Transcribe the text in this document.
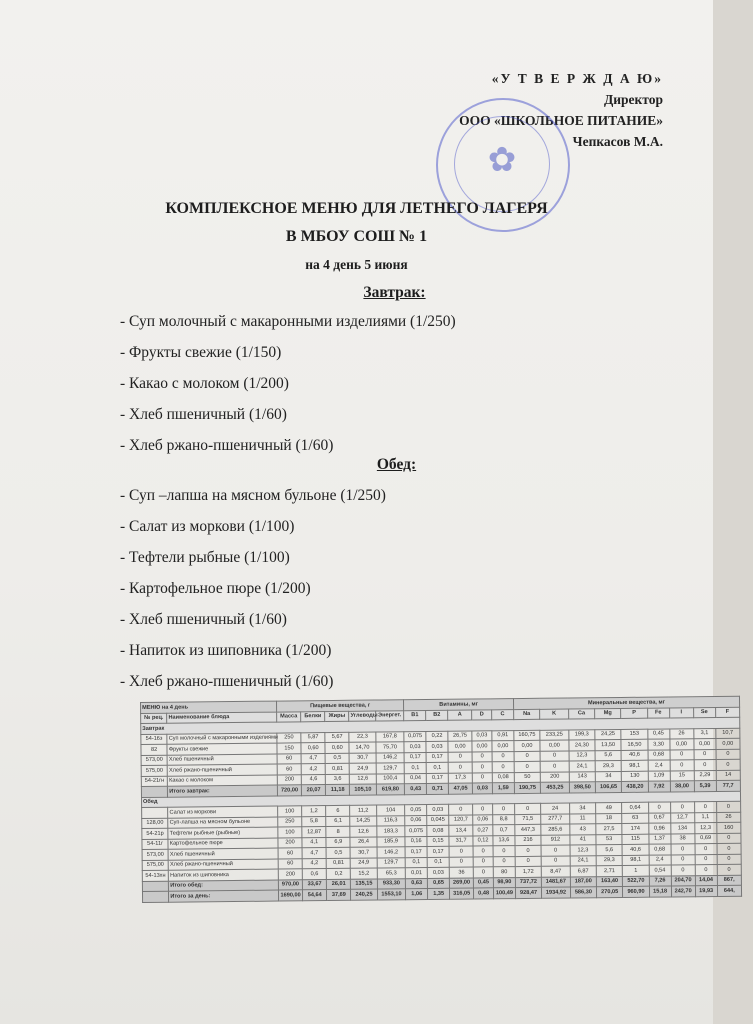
«У Т В Е Р Ж Д А Ю»
Директор
ООО «ШКОЛЬНОЕ ПИТАНИЕ»
Чепкасов М.А.
✿
КОМПЛЕКСНОЕ МЕНЮ ДЛЯ ЛЕТНЕГО ЛАГЕРЯ
В МБОУ СОШ № 1
на 4 день 5 июня
Завтрак:
- Суп молочный с макаронными изделиями (1/250)
- Фрукты свежие (1/150)
- Какао с молоком (1/200)
- Хлеб пшеничный (1/60)
- Хлеб ржано-пшеничный (1/60)
Обед:
- Суп –лапша на мясном бульоне (1/250)
- Салат из моркови (1/100)
- Тефтели рыбные (1/100)
- Картофельное пюре (1/200)
- Хлеб пшеничный (1/60)
- Напиток из шиповника (1/200)
- Хлеб ржано-пшеничный (1/60)
МЕНЮ на 4 день		Пищевые вещества, г					Витамины, мг					Минеральные вещества, мг								
№ рец.	Наименование блюда	Масса	Белки	Жиры	Углеводы	Энергет.	B1	B2	A	D	C	Na	K	Ca	Mg	P	Fe	I	Se	F
Завтрак																				
54-16з	Суп молочный с макаронными изделиями	250	5,87	5,67	22,3	167,8	0,075	0,22	26,75	0,03	0,91	160,75	233,25	199,3	24,25	153	0,45	26	3,1	10,7
82	Фрукты свежие	150	0,60	0,60	14,70	75,70	0,03	0,03	0,00	0,00	0,00	0,00	0,00	24,30	13,50	16,50	3,30	0,00	0,00	0,00
573,00	Хлеб пшеничный	60	4,7	0,5	30,7	146,2	0,17	0,17	0	0	0	0	0	12,3	5,6	40,6	0,68	0	0	0
575,00	Хлеб ржано-пшеничный	60	4,2	0,81	24,9	129,7	0,1	0,1	0	0	0	0	0	24,1	29,3	98,1	2,4	0	0	0
54-21гн	Какао с молоком	200	4,6	3,6	12,6	100,4	0,04	0,17	17,3	0	0,08	50	200	143	34	130	1,09	15	2,29	14
	Итого завтрак:	720,00	20,07	11,18	105,10	619,80	0,43	0,71	47,05	0,03	1,59	190,75	453,25	398,50	106,65	438,20	7,92	38,00	5,39	77,7
Обед																				
	Салат из моркови	100	1,2	6	11,2	104	0,05	0,03	0	0	0	0	24	34	49	0,64	0	0	0	0
128,00	Суп-лапша на мясном бульоне	250	5,8	6,1	14,25	116,3	0,06	0,045	120,7	0,06	8,8	71,5	277,7	11	18	63	0,67	12,7	1,1	26
54-21р	Тефтели рыбные (рыбные)	100	12,87	8	12,6	183,3	0,075	0,08	13,4	0,27	0,7	447,3	285,6	43	27,5	174	0,96	134	12,3	160
54-11г	Картофельное пюре	200	4,1	6,9	26,4	185,9	0,16	0,15	31,7	0,12	13,6	216	912	41	53	115	1,37	38	0,69	0
573,00	Хлеб пшеничный	60	4,7	0,5	30,7	146,2	0,17	0,17	0	0	0	0	0	12,3	5,6	40,6	0,68	0	0	0
575,00	Хлеб ржано-пшеничный	60	4,2	0,81	24,9	129,7	0,1	0,1	0	0	0	0	0	24,1	29,3	98,1	2,4	0	0	0
54-13хн	Напиток из шиповника	200	0,6	0,2	15,2	65,3	0,01	0,03	36	0	80	1,72	8,47	6,87	2,71	1	0,54	0	0	0
	Итого обед:	970,00	33,67	26,01	135,15	933,30	0,63	0,65	269,00	0,45	98,90	737,72	1481,67	187,00	163,40	522,70	7,26	204,70	14,04	867,
	Итого за день:	1690,00	54,64	37,69	240,25	1553,10	1,06	1,35	316,05	0,48	100,49	928,47	1934,92	586,30	270,05	960,90	15,18	242,70	19,93	644,
